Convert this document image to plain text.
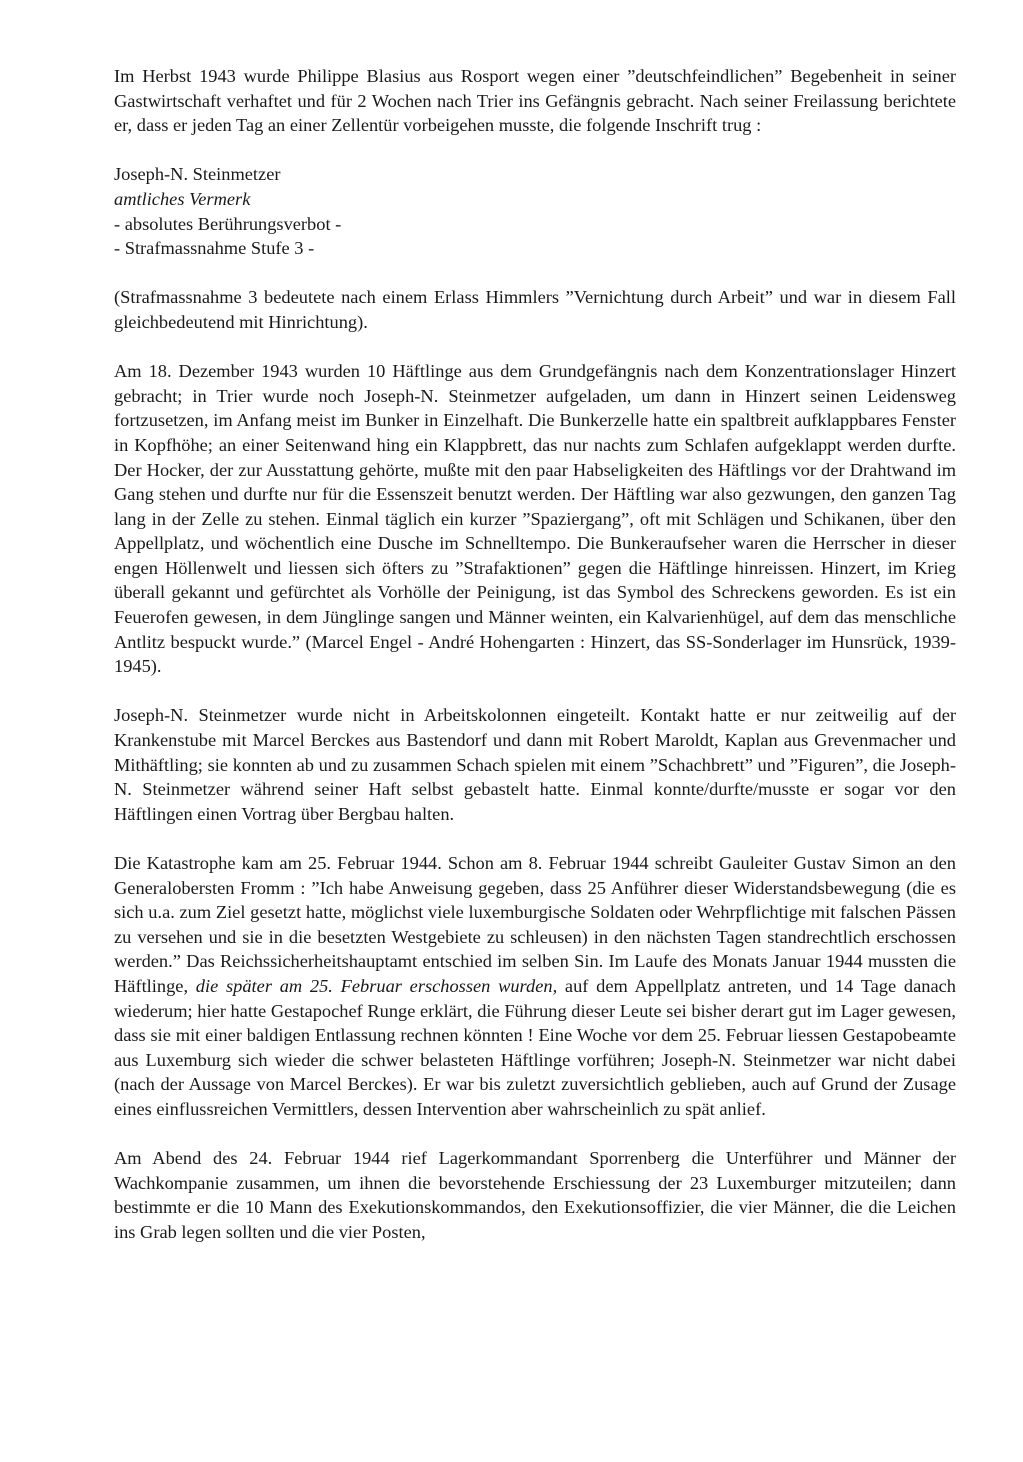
Im Herbst 1943 wurde Philippe Blasius aus Rosport wegen einer ”deutschfeindlichen” Begebenheit in seiner Gastwirtschaft verhaftet und für 2 Wochen nach Trier ins Gefängnis gebracht. Nach seiner Freilassung berichtete er, dass er jeden Tag an einer Zellentür vorbeigehen musste, die folgende Inschrift trug :

Joseph-N. Steinmetzer
amtliches Vermerk
- absolutes Berührungsverbot -
- Strafmassnahme Stufe 3 -

(Strafmassnahme 3 bedeutete nach einem Erlass Himmlers ”Vernichtung durch Arbeit” und war in diesem Fall gleichbedeutend mit Hinrichtung).

Am 18. Dezember 1943 wurden 10 Häftlinge aus dem Grundgefängnis nach dem Konzentrationslager Hinzert gebracht; in Trier wurde noch Joseph-N. Steinmetzer aufgeladen, um dann in Hinzert seinen Leidensweg fortzusetzen, im Anfang meist im Bunker in Einzelhaft. Die Bunkerzelle hatte ein spaltbreit aufklappbares Fenster in Kopfhöhe; an einer Seitenwand hing ein Klappbrett, das nur nachts zum Schlafen aufgeklappt werden durfte. Der Hocker, der zur Ausstattung gehörte, mußte mit den paar Habseligkeiten des Häftlings vor der Drahtwand im Gang stehen und durfte nur für die Essenszeit benutzt werden. Der Häftling war also gezwungen, den ganzen Tag lang in der Zelle zu stehen. Einmal täglich ein kurzer ”Spaziergang”, oft mit Schlägen und Schikanen, über den Appellplatz, und wöchentlich eine Dusche im Schnelltempo. Die Bunkeraufseher waren die Herrscher in dieser engen Höllenwelt und liessen sich öfters zu ”Strafaktionen” gegen die Häftlinge hinreissen. Hinzert, im Krieg überall gekannt und gefürchtet als Vorhölle der Peinigung, ist das Symbol des Schreckens geworden. Es ist ein Feuerofen gewesen, in dem Jünglinge sangen und Männer weinten, ein Kalvarienhügel, auf dem das menschliche Antlitz bespuckt wurde.” (Marcel Engel - André Hohengarten : Hinzert, das SS-Sonderlager im Hunsrück, 1939-1945).

Joseph-N. Steinmetzer wurde nicht in Arbeitskolonnen eingeteilt. Kontakt hatte er nur zeitweilig auf der Krankenstube mit Marcel Berckes aus Bastendorf und dann mit Robert Maroldt, Kaplan aus Grevenmacher und Mithäftling; sie konnten ab und zu zusammen Schach spielen mit einem ”Schachbrett” und ”Figuren”, die Joseph-N. Steinmetzer während seiner Haft selbst gebastelt hatte. Einmal konnte/durfte/musste er sogar vor den Häftlingen einen Vortrag über Bergbau halten.

Die Katastrophe kam am 25. Februar 1944. Schon am 8. Februar 1944 schreibt Gauleiter Gustav Simon an den Generalobersten Fromm : ”Ich habe Anweisung gegeben, dass 25 Anführer dieser Widerstandsbewegung (die es sich u.a. zum Ziel gesetzt hatte, möglichst viele luxemburgische Soldaten oder Wehrpflichtige mit falschen Pässen zu versehen und sie in die besetzten Westgebiete zu schleusen) in den nächsten Tagen standrechtlich erschossen werden.” Das Reichssicherheitshauptamt entschied im selben Sin. Im Laufe des Monats Januar 1944 mussten die Häftlinge, die später am 25. Februar erschossen wurden, auf dem Appellplatz antreten, und 14 Tage danach wiederum; hier hatte Gestapochef Runge erklärt, die Führung dieser Leute sei bisher derart gut im Lager gewesen, dass sie mit einer baldigen Entlassung rechnen könnten ! Eine Woche vor dem 25. Februar liessen Gestapobeamte aus Luxemburg sich wieder die schwer belasteten Häftlinge vorführen; Joseph-N. Steinmetzer war nicht dabei (nach der Aussage von Marcel Berckes). Er war bis zuletzt zuversichtlich geblieben, auch auf Grund der Zusage eines einflussreichen Vermittlers, dessen Intervention aber wahrscheinlich zu spät anlief.

Am Abend des 24. Februar 1944 rief Lagerkommandant Sporrenberg die Unterführer und Männer der Wachkompanie zusammen, um ihnen die bevorstehende Erschiessung der 23 Luxemburger mitzuteilen; dann bestimmte er die 10 Mann des Exekutionskommandos, den Exekutionsoffizier, die vier Männer, die die Leichen ins Grab legen sollten und die vier Posten,
